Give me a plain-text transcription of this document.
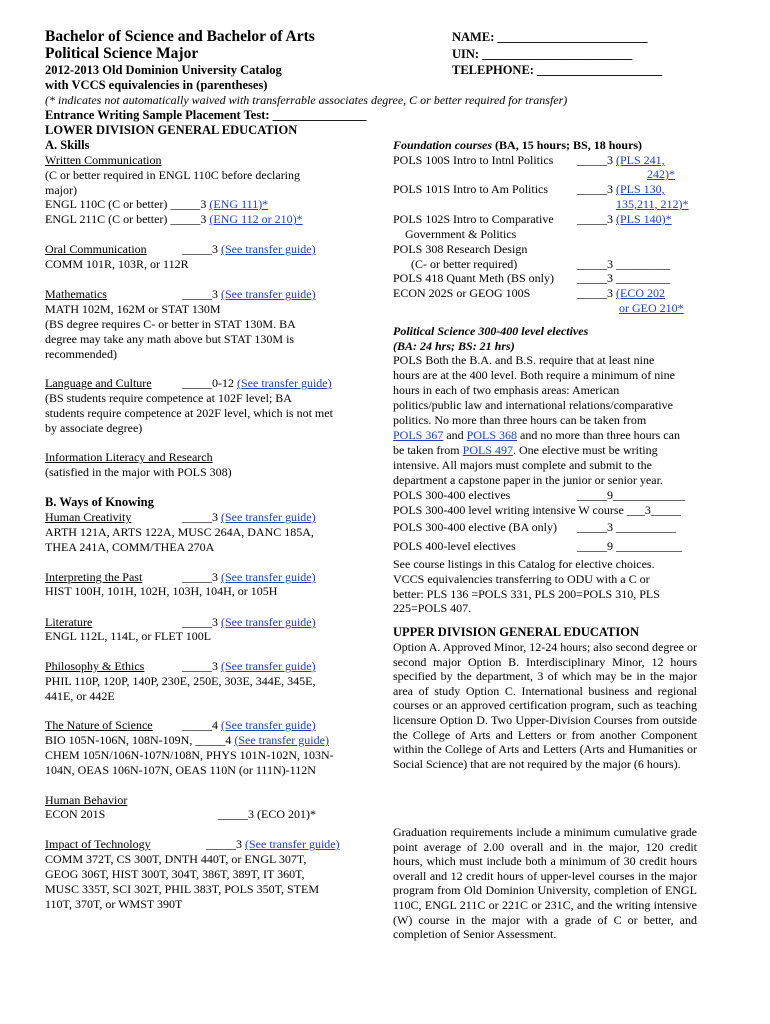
Bachelor of Science and Bachelor of Arts
Political Science Major
2012-2013 Old Dominion University Catalog
with VCCS equivalencies in (parentheses)
(* indicates not automatically waived with transferrable associates degree, C or better required for transfer)
Entrance Writing Sample Placement Test: _______________
NAME: ________________________
UIN: ________________________
TELEPHONE: ____________________
LOWER DIVISION GENERAL EDUCATION
A. Skills
Written Communication
(C or better required in ENGL 110C before declaring
major)
ENGL 110C (C or better) _____3 (ENG 111)*
ENGL 211C (C or better) _____3 (ENG 112 or 210)*
Oral Communication	_____3 (See transfer guide)
COMM 101R, 103R, or 112R
Mathematics	_____3 (See transfer guide)
MATH 102M, 162M or STAT 130M
(BS degree requires C- or better in STAT 130M. BA
degree may take any math above but STAT 130M is
recommended)
Language and Culture	_____0-12 (See transfer guide)
(BS students require competence at 102F level; BA
students require competence at 202F level, which is not met
by associate degree)
Information Literacy and Research
(satisfied in the major with POLS 308)
B. Ways of Knowing
Human Creativity	_____3 (See transfer guide)
ARTH 121A, ARTS 122A, MUSC 264A, DANC 185A,
THEA 241A, COMM/THEA 270A
Interpreting the Past	_____3 (See transfer guide)
HIST 100H, 101H, 102H, 103H, 104H, or 105H
Literature	_____3 (See transfer guide)
ENGL 112L, 114L, or FLET 100L
Philosophy & Ethics	_____3 (See transfer guide)
PHIL 110P, 120P, 140P, 230E, 250E, 303E, 344E, 345E,
441E, or 442E
The Nature of Science _____4 (See transfer guide)
BIO 105N-106N, 108N-109N, _____4 (See transfer guide)
CHEM 105N/106N-107N/108N, PHYS 101N-102N, 103N-
104N, OEAS 106N-107N, OEAS 110N (or 111N)-112N
Human Behavior
ECON 201S	_____3 (ECO 201)*
Impact of Technology	_____3 (See transfer guide)
COMM 372T, CS 300T, DNTH 440T, or ENGL 307T,
GEOG 306T, HIST 300T, 304T, 386T, 389T, IT 360T,
MUSC 335T, SCI 302T, PHIL 383T, POLS 350T, STEM
110T, 370T, or WMST 390T
Foundation courses (BA, 15 hours; BS, 18 hours)
POLS 100S Intro to Intnl Politics _____3 (PLS 241,
242)*
POLS 101S Intro to Am Politics _____3 (PLS 130,
135,211, 212)*
POLS 102S Intro to Comparative _____3 (PLS 140)*
Government & Politics
POLS 308 Research Design
(C- or better required)	_____3 _________
POLS 418 Quant Meth (BS only) _____3 _________
ECON 202S or GEOG 100S	_____3 (ECO 202
or GEO 210*
Political Science 300-400 level electives
(BA: 24 hrs; BS: 21 hrs)
POLS Both the B.A. and B.S. require that at least nine
hours are at the 400 level. Both require a minimum of nine
hours in each of two emphasis areas: American
politics/public law and international relations/comparative
politics. No more than three hours can be taken from
POLS 367 and POLS 368 and no more than three hours can
be taken from POLS 497. One elective must be writing
intensive. All majors must complete and submit to the
department a capstone paper in the junior or senior year.
POLS 300-400 electives	_____9____________
POLS 300-400 level writing intensive W course ___3_____
POLS 300-400 elective (BA only) _____3 __________
POLS 400-level electives	_____9 ___________
See course listings in this Catalog for elective choices.
VCCS equivalencies transferring to ODU with a C or
better: PLS 136 =POLS 331, PLS 200=POLS 310, PLS
225=POLS 407.
UPPER DIVISION GENERAL EDUCATION
Option A. Approved Minor, 12-24 hours; also second degree or second major Option B. Interdisciplinary Minor, 12 hours specified by the department, 3 of which may be in the major area of study Option C. International business and regional courses or an approved certification program, such as teaching licensure Option D. Two Upper-Division Courses from outside the College of Arts and Letters or from another Component within the College of Arts and Letters (Arts and Humanities or Social Science) that are not required by the major (6 hours).
Graduation requirements include a minimum cumulative grade point average of 2.00 overall and in the major, 120 credit hours, which must include both a minimum of 30 credit hours overall and 12 credit hours of upper-level courses in the major program from Old Dominion University, completion of ENGL 110C, ENGL 211C or 221C or 231C, and the writing intensive (W) course in the major with a grade of C or better, and completion of Senior Assessment.
